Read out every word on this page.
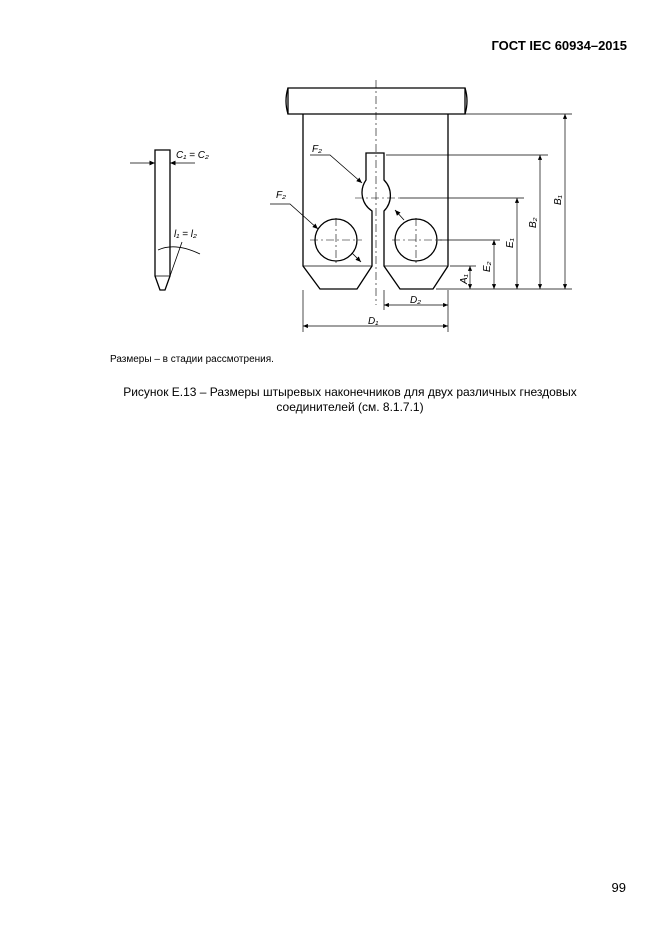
ГОСТ IEC 60934–2015
C₁ = C₂
l₁ = l₂
F₂
F₂	B₁
B₂
E₁
E₂
A₁
D₁
D₂
Размеры – в стадии рассмотрения.
Рисунок Е.13 – Размеры штыревых наконечников для двух различных гнездовых
соединителей (см. 8.1.7.1)
99
